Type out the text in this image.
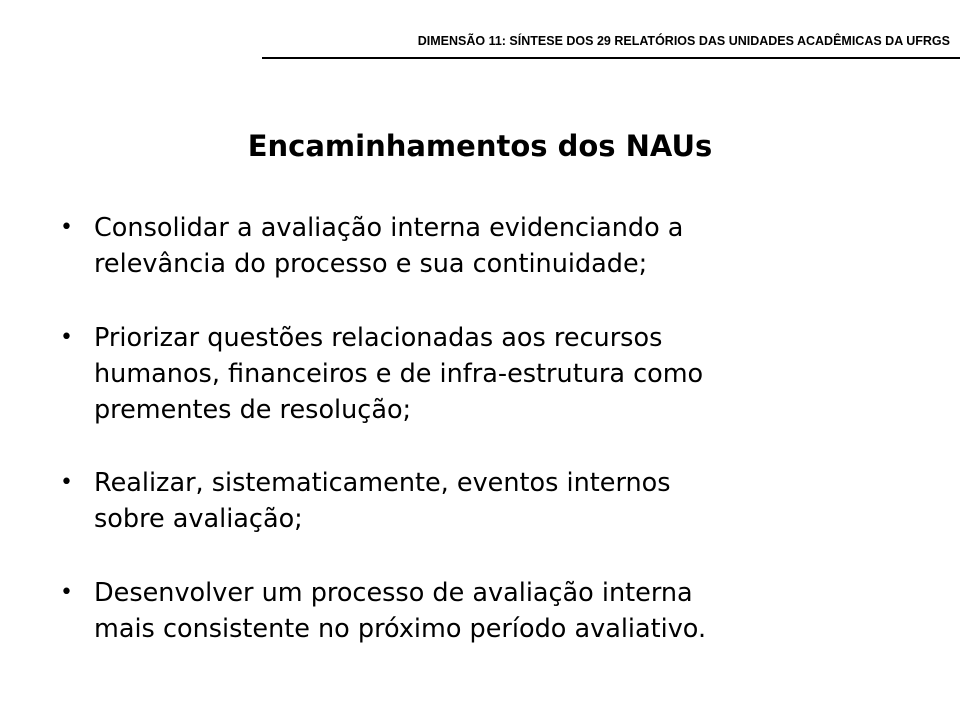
DIMENSÃO 11: SÍNTESE DOS 29 RELATÓRIOS DAS UNIDADES ACADÊMICAS DA UFRGS
Encaminhamentos dos NAUs
• Consolidar a avaliação interna evidenciando a
relevância do processo e sua continuidade;
• Priorizar questões relacionadas aos recursos
humanos, financeiros e de infra-estrutura como
prementes de resolução;
• Realizar, sistematicamente, eventos internos
sobre avaliação;
• Desenvolver um processo de avaliação interna
mais consistente no próximo período avaliativo.
